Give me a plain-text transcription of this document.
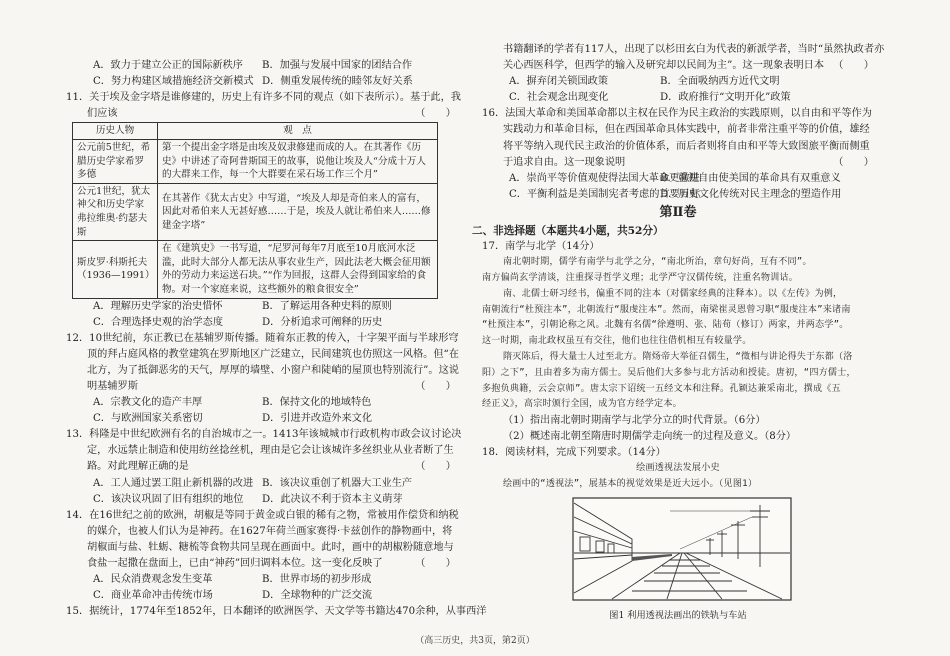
A．致力于建立公正的国际新秩序	B．加强与发展中国家的团结合作
C．努力构建区域措施经济交新模式 D．侧重发展传统的睦邻友好关系
11．关于埃及金字塔是谁修建的，历史上有许多不同的观点（如下表所示）。基于此，我
们应该	（　　）
历史人物	观　点
公元前5世纪，希腊历史学家希罗多德	第一个提出金字塔是由埃及奴隶修建而成的人。在其著作《历史》中讲述了奇阿普斯国王的故事，说他让埃及人“分成十万人的大群来工作，每一个大群要在采石场工作三个月”
公元1世纪，犹太神父和历史学家弗拉维奥·约瑟夫斯	在其著作《犹太古史》中写道，“埃及人却是奇伯来人的富有，因此对希伯来人无甚好感……于是，埃及人就让希伯来人……修建金字塔”
斯皮罗·科斯托夫（1936—1991）	在《建筑史》一书写道，“尼罗河每年7月底至10月底河水泛滥，此时大部分人都无法从事农业生产，因此法老大概会征用额外的劳动力来运送石块。”“作为回报，这群人会得到国家给的食物。对一个家庭来说，这些额外的粮食很安全”
A．理解历史学家的治史惜怀	B．了解运用各种史料的原则
C．合理选择史观的治学态度	D．分析追求可阐释的历史
12．10世纪前，东正教已在基辅罗斯传播。随着东正教的传入，十字架平面与半球形穹
顶的拜占庭风格的教堂建筑在罗斯地区广泛建立，民间建筑也仿照这一风格。但“在
北方，为了抵御恶劣的天气，厚厚的墙壁、小窗户和陡峭的屋顶也特别流行”。这说
明基辅罗斯	（　　）
A．宗教文化的造产丰厚	B．保持文化的地域特色
C．与欧洲国家关系密切	D．引进并改造外来文化
13．科隆是中世纪欧洲有名的自治城市之一。1413年该城城市行政机构市政会议讨论决
定，水远禁止制造和使用纺丝捻丝机，理由是它会让该城许多丝织业从业者断了生
路。对此理解正确的是	（　　）
A．工人通过罢工阻止新机器的改进 B．该决议重创了机器大工业生产
C．该决议巩固了旧有组织的地位	D．此决议不利于资本主义萌芽
14．在16世纪之前的欧洲，胡椒是等同于黄金或白银的稀有之物，常被用作偿贷和纳税
的媒介，也被人们认为是神药。在1627年荷兰画家赛得·卡兹创作的静物画中，将
胡椒面与盐、牡蛎、糖梳等食物共同呈现在画面中。此时，画中的胡椒粉随意地与
食盐一起撒在盘面上，已由“神药”回归调料本位。这一变化反映了	（　　）
A．民众消费观念发生变革	B．世界市场的初步形成
C．商业革命冲击传统市场	D．全球物种的广泛交流
15．据统计，1774年至1852年，日本翻译的欧洲医学、天文学等书籍达470余种，从事西洋
书籍翻译的学者有117人，出现了以杉田玄白为代表的新派学者，当时“虽然执政者亦
关心西医科学，但西学的输入及研究却以民间为主”。这一现象表明日本 （　　）
A．摒弃闭关锁国政策	B．全面吸纳西方近代文明
C．社会观念出现变化	D．政府推行“文明开化”政策
16．法国大革命和美国革命都以主权在民作为民主政治的实践原则，以自由和平等作为
实践动力和革命目标，但在西国革命具体实践中，前者非常注重平等的价值，雄经
将平等纳入现代民主政治的价值体系，而后者则将自由和平等大致图旅平衡而侧重
于追求自由。这一现象说明	（　　）
A．崇尚平等价值观使得法国大革命更激进
B．重视自由使美国的革命具有双重意义
C．平衡利益是美国制宪者考虑的首要目标
D．历史文化传统对民主理念的塑造作用
第Ⅱ卷
二、非选择题（本题共4小题，共52分）
17．南学与北学（14分）
南北朝时期，儒学有南学与北学之分，“南北所治，章句好尚，互有不同”。
南方偏尚玄学清谈，注重探寻哲学义理；北学严守汉儒传统，注重名物训诂。
南、北儒士研习经书，偏重不同的注本（对儒家经典的注释本）。以《左传》为例，
南朝流行“杜预注本”，北朝流行“服虔注本”。然而，南梁崔灵恩曾习职“服虔注本”来诸南
“杜预注本”，引朝论称之风。北魏有名儒“徐遵明、张、陆荀（修订）两家，并两态学”。
这一时期，南北政权虽互有交往，他们也往往借机相互有较量学。
隋灭陈后，得大量士人过至北方。隋炀帝大举征召儒生，“徵相与讲论得失于东都（洛
阳）之下”，且由着多为南方儒士。吴后他们大多参与北方活动和授徒。唐初，“四方儒士，
多抱负典籍，云会京师”。唐太宗下诏统一五经文本和注释。孔颖达兼采南北，撰成《五
经正义》，高宗时颁行全国，成为官方经学定本。
（1）指出南北朝时期南学与北学分立的时代背景。（6分）
（2）概述南北朝至隋唐时期儒学走向统一的过程及意义。（8分）
18．阅读材料，完成下列要求。（14分）
绘画透视法发展小史
绘画中的“透视法”，展基本的视觉效果是近大远小。（见图1）
图1 利用透视法画出的铁轨与车站
（高三历史，共3页，第2页）
